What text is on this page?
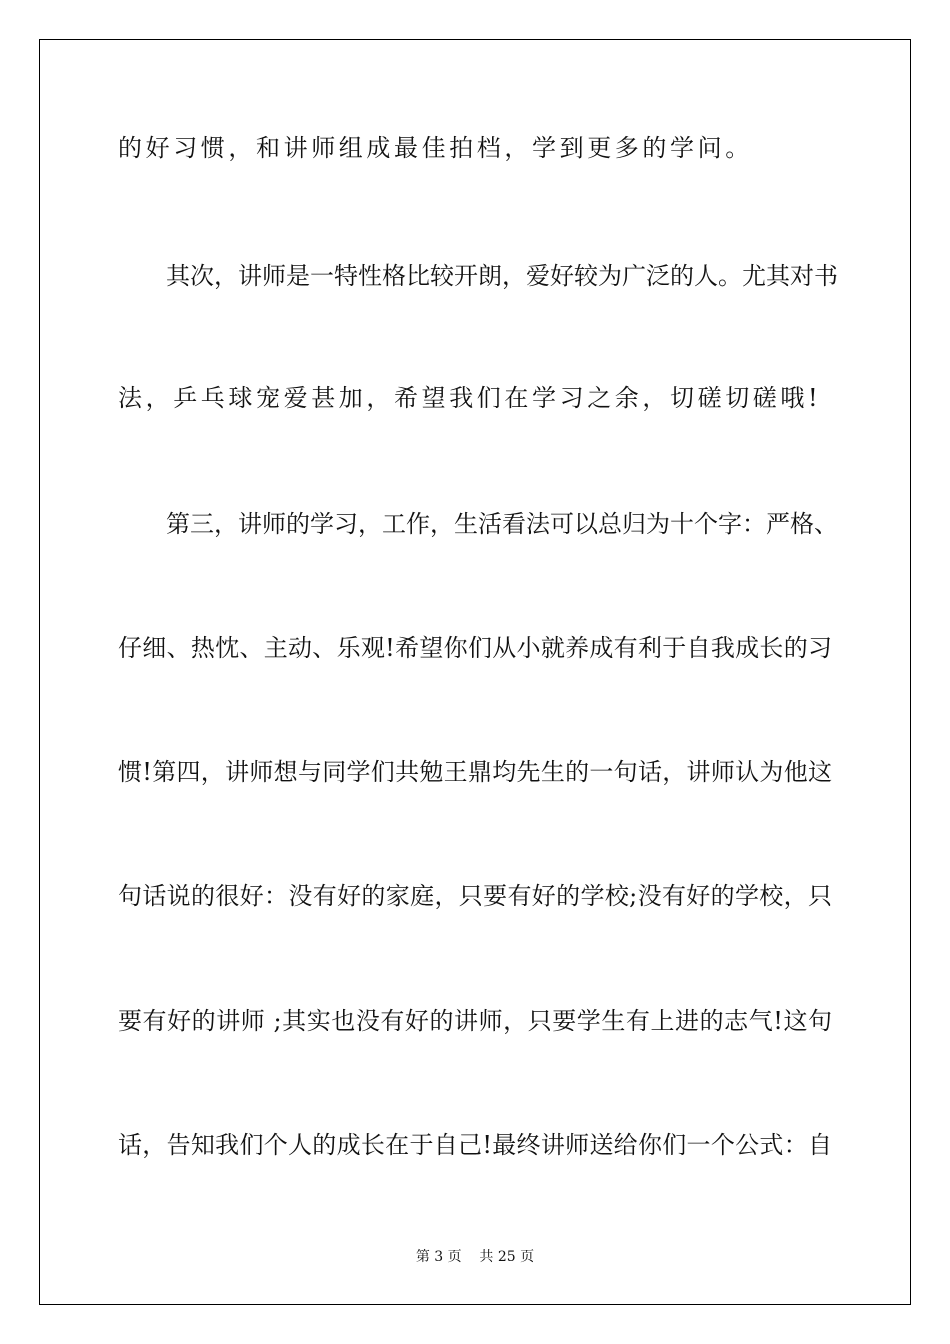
的好习惯，和讲师组成最佳拍档，学到更多的学问。
其次，讲师是一特性格比较开朗，爱好较为广泛的人。尤其对书
法，乒乓球宠爱甚加，希望我们在学习之余，切磋切磋哦!
第三，讲师的学习，工作，生活看法可以总归为十个字：严格、
仔细、热忱、主动、乐观!希望你们从小就养成有利于自我成长的习
惯!第四，讲师想与同学们共勉王鼎均先生的一句话，讲师认为他这
句话说的很好：没有好的家庭，只要有好的学校;没有好的学校，只
要有好的讲师 ;其实也没有好的讲师，只要学生有上进的志气!这句
话，告知我们个人的成长在于自己!最终讲师送给你们一个公式：自
第 3 页    共 25 页
